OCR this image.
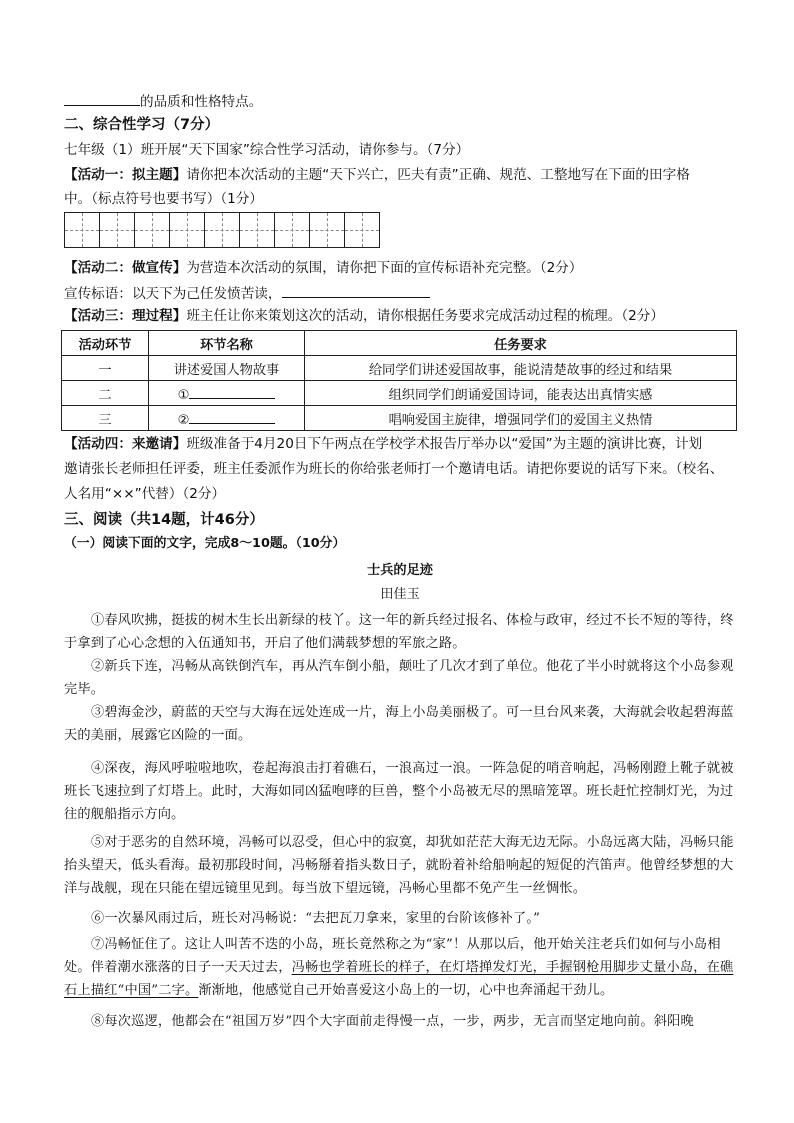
的品质和性格特点。
二、综合性学习（7分）
七年级（1）班开展“天下国家”综合性学习活动，请你参与。（7分）
【活动一：拟主题】请你把本次活动的主题“天下兴亡，匹夫有责”正确、规范、工整地写在下面的田字格
中。（标点符号也要书写）（1分）
【活动二：做宣传】为营造本次活动的氛围，请你把下面的宣传标语补充完整。（2分）
宣传标语：以天下为己任发愤苦读，
【活动三：理过程】班主任让你来策划这次的活动，请你根据任务要求完成活动过程的梳理。（2分）
活动环节	环节名称	任务要求
一	讲述爱国人物故事	给同学们讲述爱国故事，能说清楚故事的经过和结果
二	①	组织同学们朗诵爱国诗词，能表达出真情实感
三	②	唱响爱国主旋律，增强同学们的爱国主义热情
【活动四：来邀请】班级准备于4月20日下午两点在学校学术报告厅举办以“爱国”为主题的演讲比赛，计划
邀请张长老师担任评委，班主任委派作为班长的你给张老师打一个邀请电话。请把你要说的话写下来。（校名、
人名用“××”代替）（2分）
三、阅读（共14题，计46分）
（一）阅读下面的文字，完成8～10题。（10分）
士兵的足迹
田佳玉
①春风吹拂，挺拔的树木生长出新绿的枝丫。这一年的新兵经过报名、体检与政审，经过不长不短的等待，终于拿到了心心念想的入伍通知书，开启了他们满载梦想的军旅之路。
②新兵下连，冯畅从高铁倒汽车，再从汽车倒小船，颠吐了几次才到了单位。他花了半小时就将这个小岛参观完毕。
③碧海金沙，蔚蓝的天空与大海在远处连成一片，海上小岛美丽极了。可一旦台风来袭，大海就会收起碧海蓝天的美丽，展露它凶险的一面。
④深夜，海风呼啦啦地吹，卷起海浪击打着礁石，一浪高过一浪。一阵急促的哨音响起，冯畅刚蹬上靴子就被班长飞速拉到了灯塔上。此时，大海如同凶猛咆哮的巨兽，整个小岛被无尽的黑暗笼罩。班长赶忙控制灯光，为过往的舰船指示方向。
⑤对于恶劣的自然环境，冯畅可以忍受，但心中的寂寞，却犹如茫茫大海无边无际。小岛远离大陆，冯畅只能抬头望天，低头看海。最初那段时间，冯畅掰着指头数日子，就盼着补给船响起的短促的汽笛声。他曾经梦想的大洋与战舰，现在只能在望远镜里见到。每当放下望远镜，冯畅心里都不免产生一丝惆怅。
⑥一次暴风雨过后，班长对冯畅说：“去把瓦刀拿来，家里的台阶该修补了。”
⑦冯畅怔住了。这让人叫苦不迭的小岛，班长竟然称之为“家”！从那以后，他开始关注老兵们如何与小岛相处。伴着潮水涨落的日子一天天过去，冯畅也学着班长的样子，在灯塔掸发灯光，手握钢枪用脚步丈量小岛，在礁石上描红“中国”二字。渐渐地，他感觉自己开始喜爱这小岛上的一切，心中也奔涌起干劲儿。
⑧每次巡逻，他都会在“祖国万岁”四个大字面前走得慢一点，一步，两步，无言而坚定地向前。斜阳晚
